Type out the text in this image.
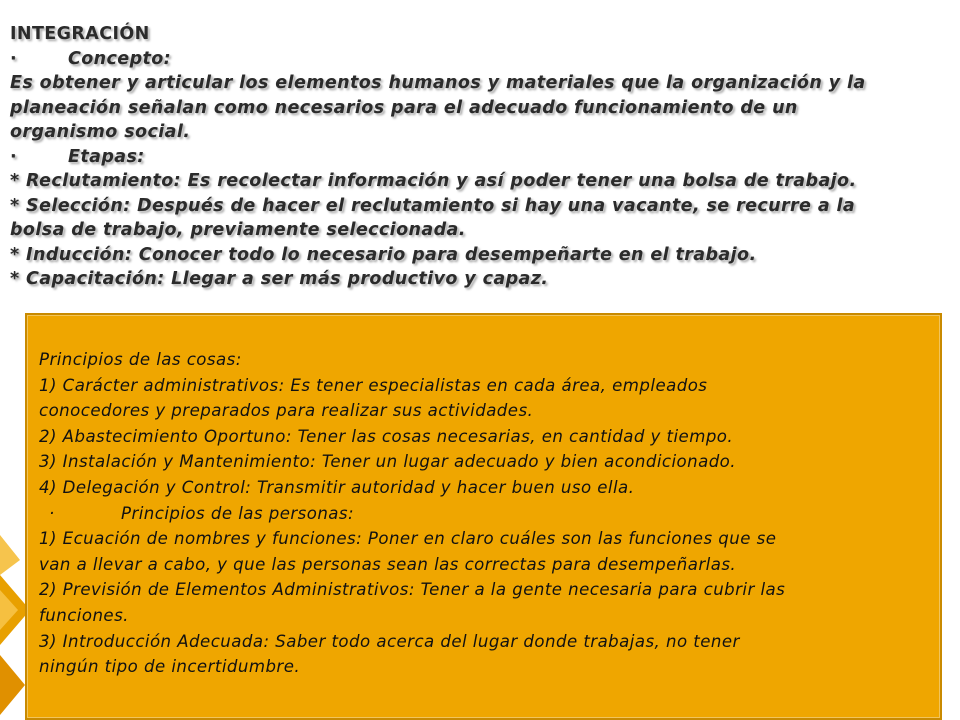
INTEGRACIÓN
·	Concepto:
Es obtener y articular los elementos humanos y materiales que la organización y la
planeación señalan como necesarios para el adecuado funcionamiento de un
organismo social.
·	Etapas:
* Reclutamiento: Es recolectar información y así poder tener una bolsa de trabajo.
* Selección: Después de hacer el reclutamiento si hay una vacante, se recurre a la
bolsa de trabajo, previamente seleccionada.
* Inducción: Conocer todo lo necesario para desempeñarte en el trabajo.
* Capacitación: Llegar a ser más productivo y capaz.
Principios de las cosas:
1) Carácter administrativos: Es tener especialistas en cada área, empleados
conocedores y preparados para realizar sus actividades.
2) Abastecimiento Oportuno: Tener las cosas necesarias, en cantidad y tiempo.
3) Instalación y Mantenimiento: Tener un lugar adecuado y bien acondicionado.
4) Delegación y Control: Transmitir autoridad y hacer buen uso ella.
·	Principios de las personas:
1) Ecuación de nombres y funciones: Poner en claro cuáles son las funciones que se
van a llevar a cabo, y que las personas sean las correctas para desempeñarlas.
2) Previsión de Elementos Administrativos: Tener a la gente necesaria para cubrir las
funciones.
3) Introducción Adecuada: Saber todo acerca del lugar donde trabajas, no tener
ningún tipo de incertidumbre.
